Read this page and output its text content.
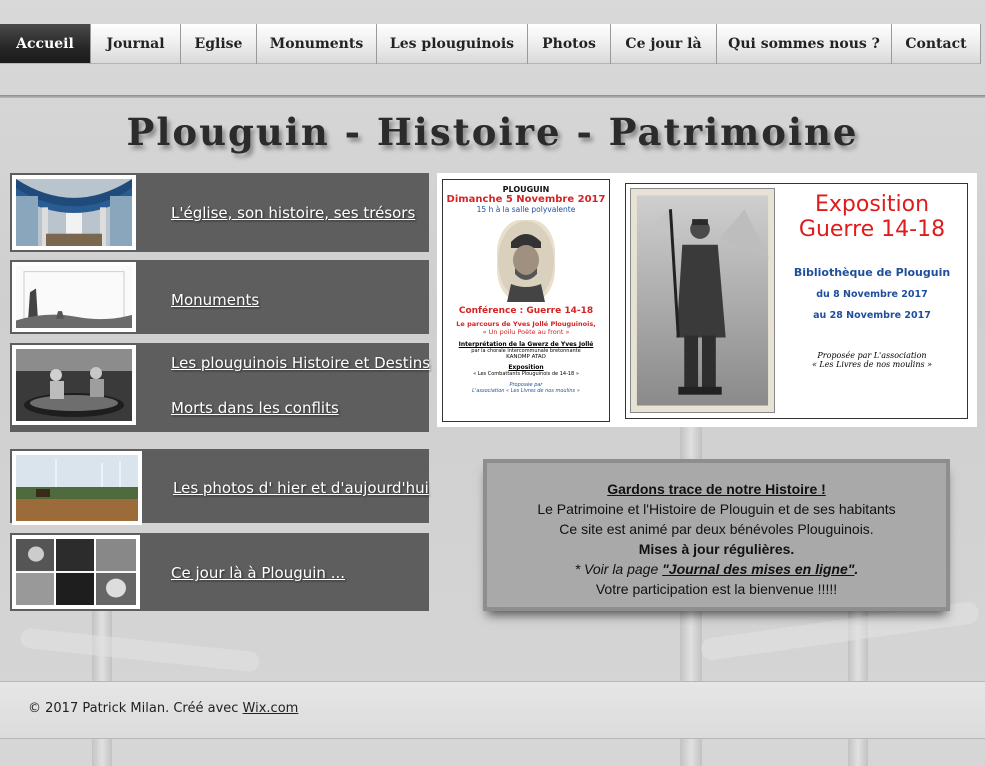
Accueil	Journal	Eglise	Monuments	Les plouguinois	Photos	Ce jour là	Qui sommes nous ?	Contact
Plouguin - Histoire - Patrimoine
L'église, son histoire, ses trésors
Monuments
Les plouguinois Histoire et Destins
Morts dans les conflits
Les photos d' hier et d'aujourd'hui
Ce jour là à Plouguin ...
PLOUGUIN
Dimanche 5 Novembre 2017
15 h à la salle polyvalente
Conférence : Guerre 14-18
Le parcours de Yves Jollé Plouguinois,
« Un poilu Poète au front »
Interprétation de la Gwerz de Yves Jollé
par la chorale intercommunale bretonnante
KANOMP ATAO
Exposition
« Les Combattants Plouguinois de 14-18 »
Proposée par
L'association « Les Livres de nos moulins »
Exposition
Guerre 14-18
Bibliothèque de Plouguin
du 8 Novembre 2017
au 28 Novembre 2017
Proposée par L'association
« Les Livres de nos moulins »
Gardons trace de notre Histoire !
Le Patrimoine et l'Histoire de Plouguin et de ses habitants
Ce site est animé par deux bénévoles Plouguinois.
Mises à jour régulières.
* Voir la page "Journal des mises en ligne".
Votre participation est la bienvenue !!!!!
© 2017 Patrick Milan. Créé avec Wix.com
